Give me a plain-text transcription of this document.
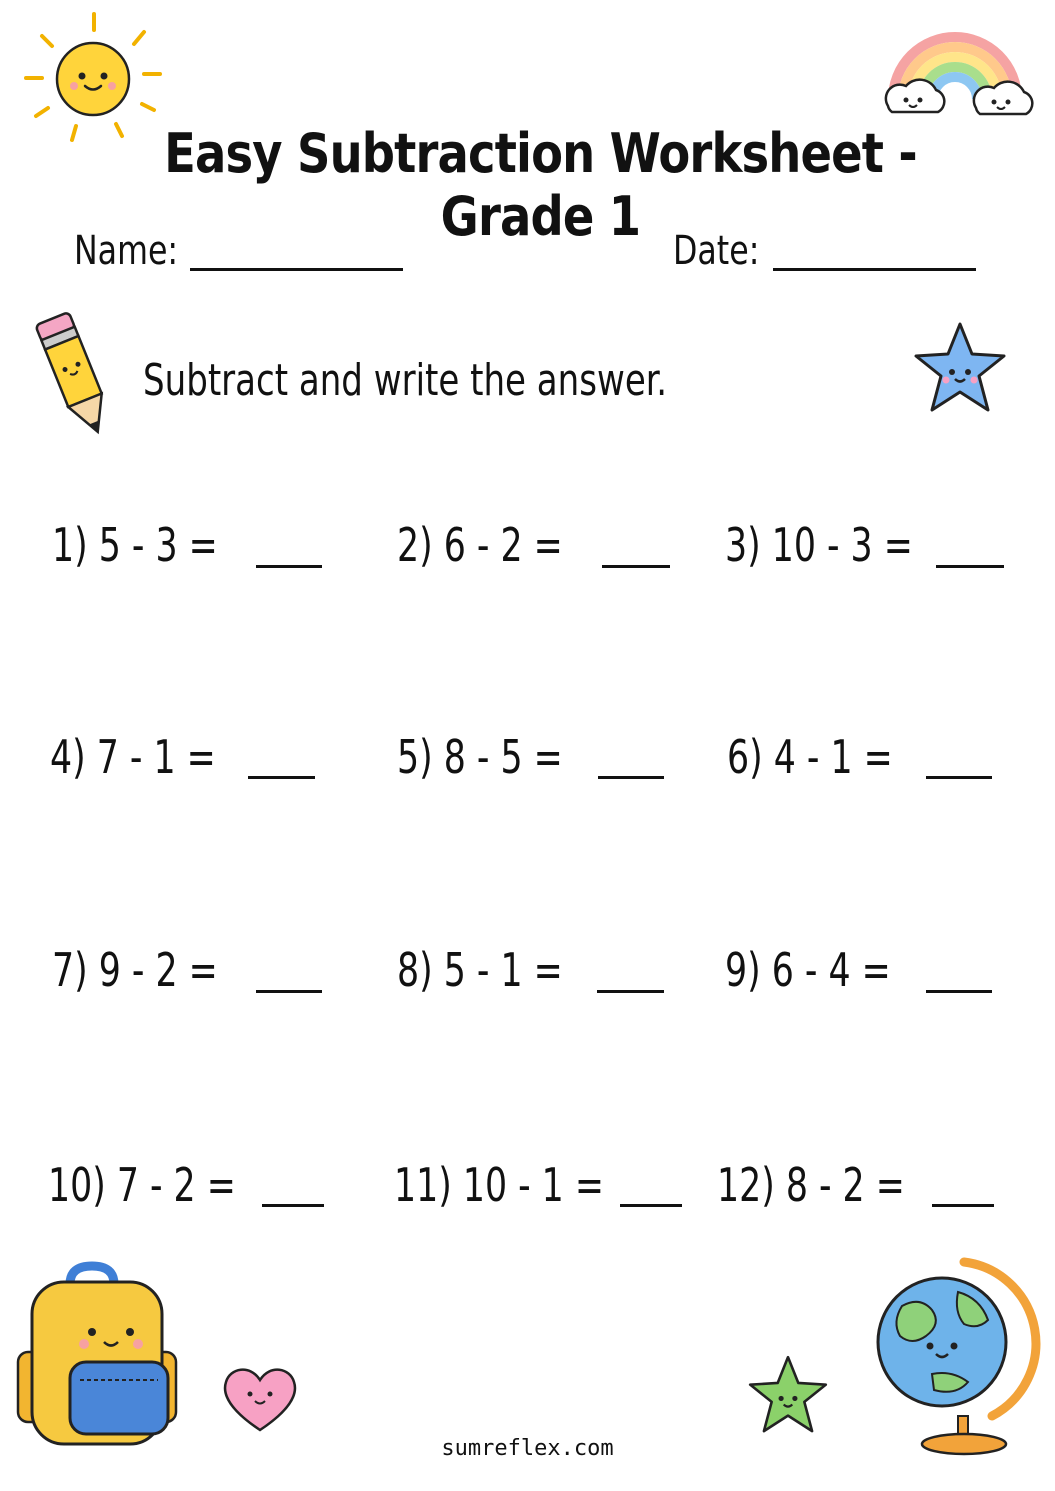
Easy Subtraction Worksheet - Grade 1
Name:	Date:
Subtract and write the answer.
1) 5 - 3 =	2) 6 - 2 =	3) 10 - 3 =
4) 7 - 1 =	5) 8 - 5 =	6) 4 - 1 =
7) 9 - 2 =	8) 5 - 1 =	9) 6 - 4 =
10) 7 - 2 =	11) 10 - 1 = 12) 8 - 2 =
sumreflex.com
